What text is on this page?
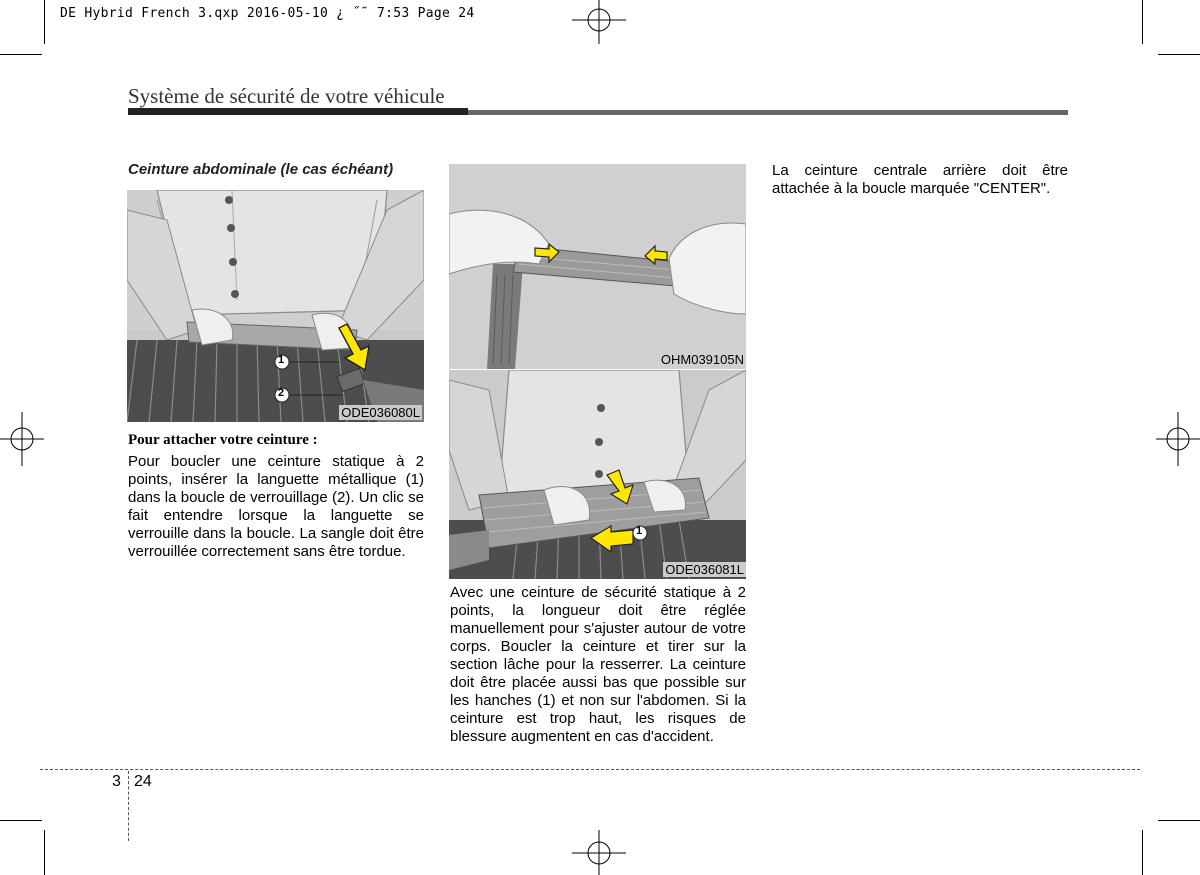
DE Hybrid French 3.qxp 2016-05-10 ¿ ˝˜ 7:53 Page 24
Système de sécurité de votre véhicule
Ceinture abdominale (le cas échéant)
1
2
ODE036080L
Pour attacher votre ceinture :
Pour boucler une ceinture statique à 2 points, insérer la languette métallique (1) dans la boucle de verrouillage (2). Un clic se fait entendre lorsque la languette se verrouille dans la boucle. La sangle doit être verrouillée correctement sans être tordue.
OHM039105N
1
ODE036081L
Avec une ceinture de sécurité statique à 2 points, la longueur doit être réglée manuellement pour s'ajuster autour de votre corps. Boucler la ceinture et tirer sur la section lâche pour la resserrer. La ceinture doit être placée aussi bas que possible sur les hanches (1) et non sur l'abdomen. Si la ceinture est trop haut, les risques de blessure augmentent en cas d'accident.
La ceinture centrale arrière doit être attachée à la boucle marquée "CENTER".
3 24
